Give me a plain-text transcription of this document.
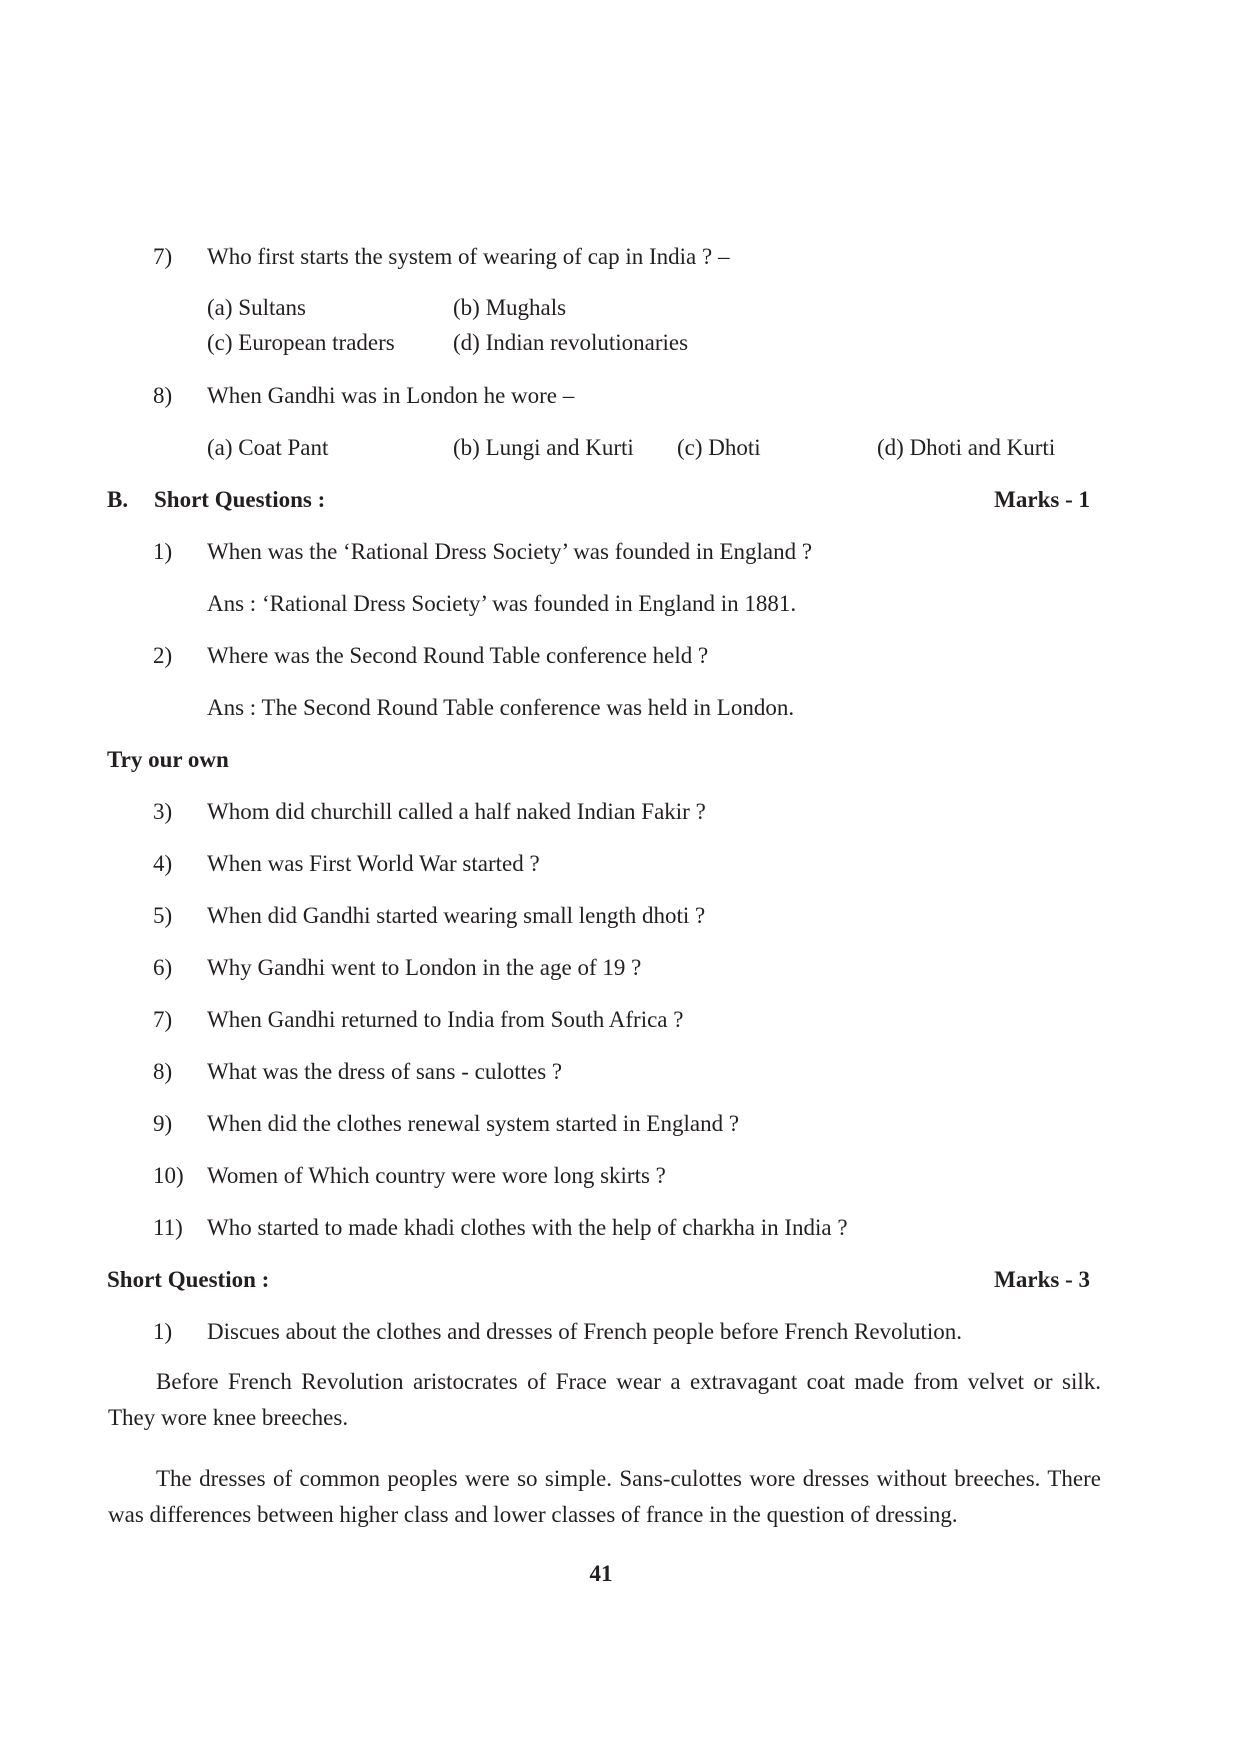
7) Who first starts the system of wearing of cap in India ? –
(a) Sultans	(b) Mughals
(c) European traders	(d) Indian revolutionaries
8) When Gandhi was in London he wore –
(a) Coat Pant	(b) Lungi and Kurti (c) Dhoti	(d) Dhoti and Kurti
B. Short Questions :	Marks - 1
1) When was the ‘Rational Dress Society’ was founded in England ?
Ans : ‘Rational Dress Society’ was founded in England in 1881.
2) Where was the Second Round Table conference held ?
Ans : The Second Round Table conference was held in London.
Try our own
3) Whom did churchill called a half naked Indian Fakir ?
4) When was First World War started ?
5) When did Gandhi started wearing small length dhoti ?
6) Why Gandhi went to London in the age of 19 ?
7) When Gandhi returned to India from South Africa ?
8) What was the dress of sans - culottes ?
9) When did the clothes renewal system started in England ?
10) Women of Which country were wore long skirts ?
11) Who started to made khadi clothes with the help of charkha in India ?
Short Question :	Marks - 3
1) Discues about the clothes and dresses of French people before French Revolution.
Before French Revolution aristocrates of Frace wear a extravagant coat made from velvet or silk. They wore knee breeches.
The dresses of common peoples were so simple. Sans-culottes wore dresses without breeches. There was differences between higher class and lower classes of france in the question of dressing.
41
